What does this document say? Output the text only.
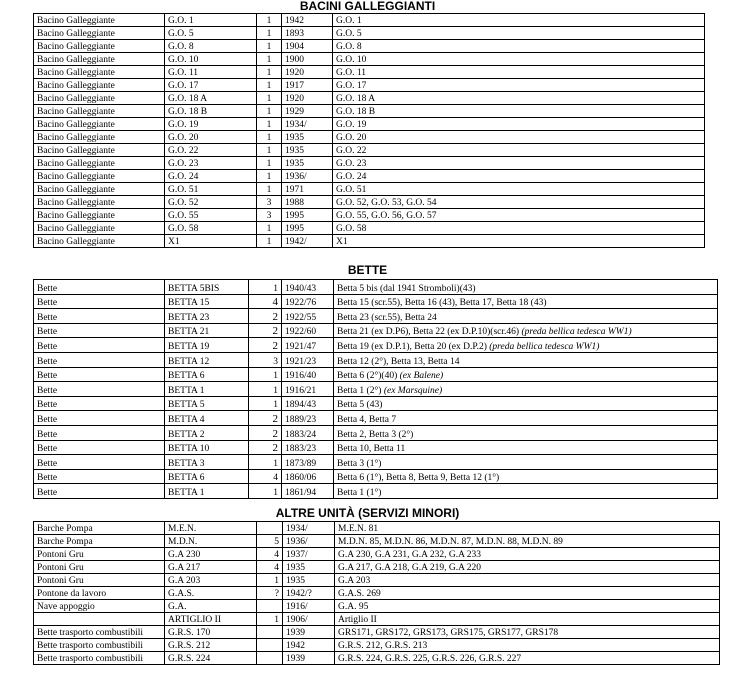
BACINI GALLEGGIANTI
Bacino Galleggiante	G.O. 1	1	1942	G.O. 1
Bacino Galleggiante	G.O. 5	1	1893	G.O. 5
Bacino Galleggiante	G.O. 8	1	1904	G.O. 8
Bacino Galleggiante	G.O. 10	1	1900	G.O. 10
Bacino Galleggiante	G.O. 11	1	1920	G.O. 11
Bacino Galleggiante	G.O. 17	1	1917	G.O. 17
Bacino Galleggiante	G.O. 18 A	1	1920	G.O. 18 A
Bacino Galleggiante	G.O. 18 B	1	1929	G.O. 18 B
Bacino Galleggiante	G.O. 19	1	1934/	G.O. 19
Bacino Galleggiante	G.O. 20	1	1935	G.O. 20
Bacino Galleggiante	G.O. 22	1	1935	G.O. 22
Bacino Galleggiante	G.O. 23	1	1935	G.O. 23
Bacino Galleggiante	G.O. 24	1	1936/	G.O. 24
Bacino Galleggiante	G.O. 51	1	1971	G.O. 51
Bacino Galleggiante	G.O. 52	3	1988	G.O. 52, G.O. 53, G.O. 54
Bacino Galleggiante	G.O. 55	3	1995	G.O. 55, G.O. 56, G.O. 57
Bacino Galleggiante	G.O. 58	1	1995	G.O. 58
Bacino Galleggiante	X1	1	1942/	X1
BETTE
Bette	BETTA 5BIS	1	1940/43	Betta 5 bis (dal 1941 Stromboli)(43)
Bette	BETTA 15	4	1922/76	Betta 15 (scr.55), Betta 16 (43), Betta 17, Betta 18 (43)
Bette	BETTA 23	2	1922/55	Betta 23 (scr.55), Betta 24
Bette	BETTA 21	2	1922/60	Betta 21 (ex D.P6), Betta 22 (ex D.P.10)(scr.46) (preda bellica tedesca WW1)
Bette	BETTA 19	2	1921/47	Betta 19 (ex D.P.1), Betta 20 (ex D.P.2) (preda bellica tedesca WW1)
Bette	BETTA 12	3	1921/23	Betta 12 (2°), Betta 13, Betta 14
Bette	BETTA 6	1	1916/40	Betta 6 (2°)(40) (ex Balene)
Bette	BETTA 1	1	1916/21	Betta 1 (2°) (ex Marsquine)
Bette	BETTA 5	1	1894/43	Betta 5 (43)
Bette	BETTA 4	2	1889/23	Betta 4, Betta 7
Bette	BETTA 2	2	1883/24	Betta 2, Betta 3 (2°)
Bette	BETTA 10	2	1883/23	Betta 10, Betta 11
Bette	BETTA 3	1	1873/89	Betta 3 (1°)
Bette	BETTA 6	4	1860/06	Betta 6 (1°), Betta 8, Betta 9, Betta 12 (1°)
Bette	BETTA 1	1	1861/94	Betta 1 (1°)
ALTRE UNITÀ (SERVIZI MINORI)
Barche Pompa	M.E.N.		1934/	M.E.N. 81
Barche Pompa	M.D.N.	5	1936/	M.D.N. 85, M.D.N. 86, M.D.N. 87, M.D.N. 88, M.D.N. 89
Pontoni Gru	G.A 230	4	1937/	G.A 230, G.A 231, G.A 232, G.A 233
Pontoni Gru	G.A 217	4	1935	G.A 217, G.A 218, G.A 219, G.A 220
Pontoni Gru	G.A 203	1	1935	G.A 203
Pontone da lavoro	G.A.S.	?	1942/?	G.A.S. 269
Nave appoggio	G.A.		1916/	G.A. 95
	ARTIGLIO II	1	1906/	Artiglio II
Bette trasporto combustibili	G.R.S. 170		1939	GRS171, GRS172, GRS173, GRS175, GRS177, GRS178
Bette trasporto combustibili	G.R.S. 212		1942	G.R.S. 212, G.R.S. 213
Bette trasporto combustibili	G.R.S. 224		1939	G.R.S. 224, G.R.S. 225, G.R.S. 226, G.R.S. 227
